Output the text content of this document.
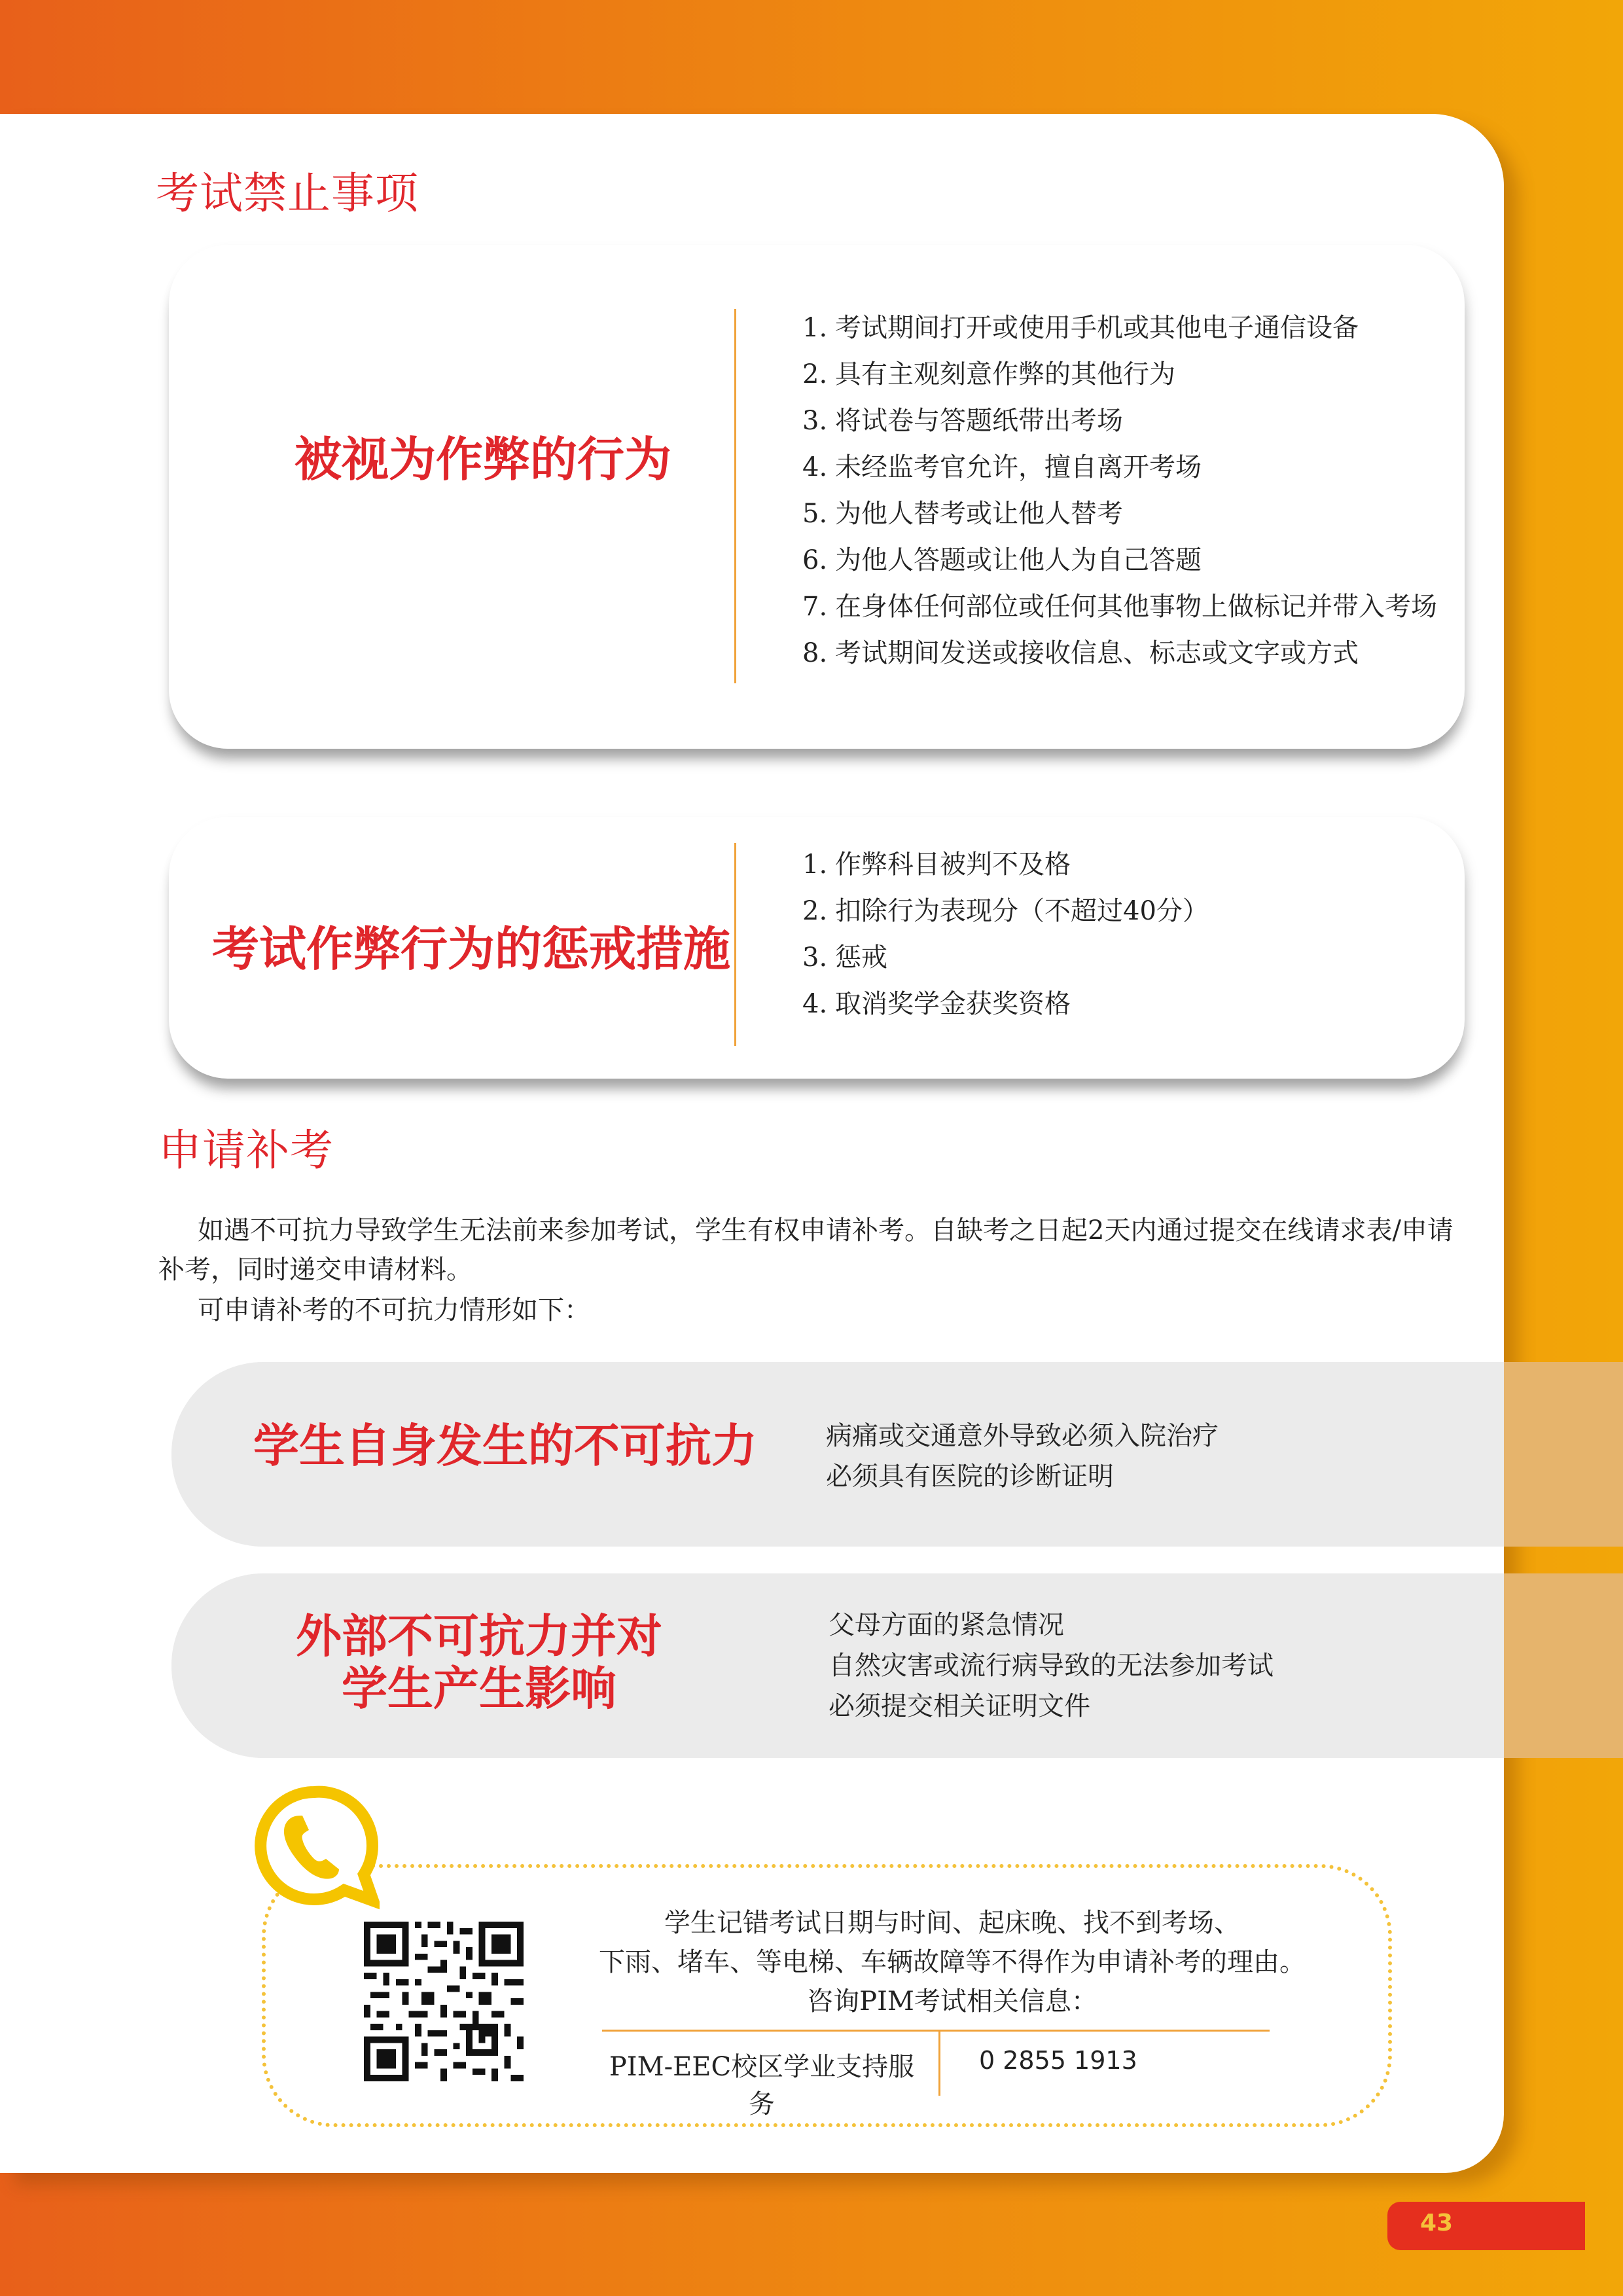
考试禁止事项
被视为作弊的行为
1. 考试期间打开或使用手机或其他电子通信设备
2. 具有主观刻意作弊的其他行为
3. 将试卷与答题纸带出考场
4. 未经监考官允许，擅自离开考场
5. 为他人替考或让他人替考
6. 为他人答题或让他人为自己答题
7. 在身体任何部位或任何其他事物上做标记并带入考场
8. 考试期间发送或接收信息、标志或文字或方式
考试作弊行为的惩戒措施
1. 作弊科目被判不及格
2. 扣除行为表现分（不超过40分）
3. 惩戒
4. 取消奖学金获奖资格
申请补考

如遇不可抗力导致学生无法前来参加考试，学生有权申请补考。自缺考之日起2天内通过提交在线请求表/申请补考，同时递交申请材料。

可申请补考的不可抗力情形如下：

学生自身发生的不可抗力	病痛或交通意外导致必须入院治疗
必须具有医院的诊断证明
外部不可抗力并对
学生产生影响
父母方面的紧急情况
自然灾害或流行病导致的无法参加考试
必须提交相关证明文件

学生记错考试日期与时间、起床晚、找不到考场、

下雨、堵车、等电梯、车辆故障等不得作为申请补考的理由。

咨询PIM考试相关信息：

PIM-EEC校区学业支持服务
0 2855 1913
43
